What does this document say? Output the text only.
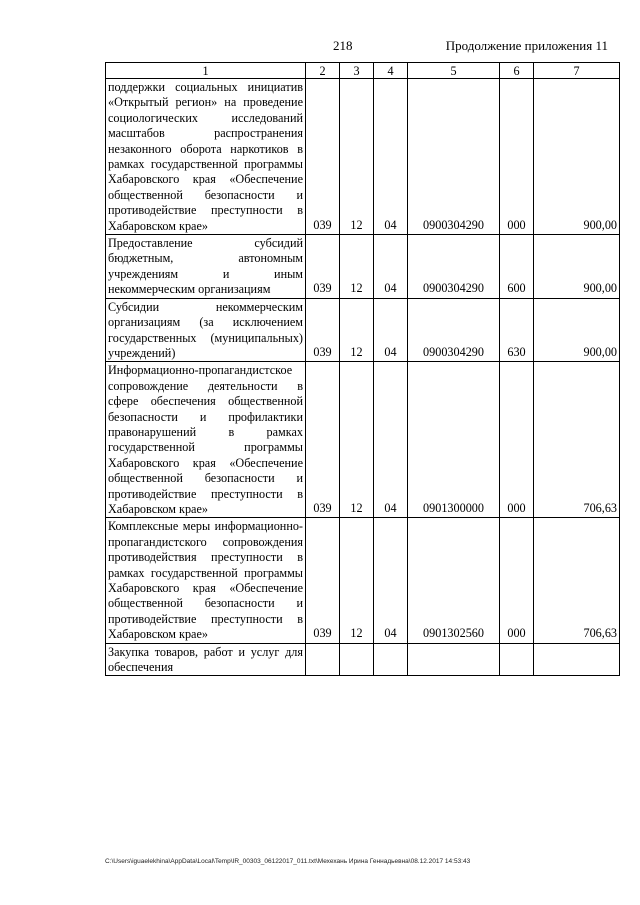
218	Продолжение приложения 11
1	2	3	4	5	6	7
поддержки социальных инициатив «Открытый регион» на проведение социологических исследований масштабов распространения незаконного оборота наркотиков в рамках государственной программы Хабаровского края «Обеспечение общественной безопасности и противодействие преступности в Хабаровском крае»	039	12	04	0900304290	000	900,00
Предоставление субсидий бюджетным, автономным учреждениям и иным некоммерческим организациям	039	12	04	0900304290	600	900,00
Субсидии некоммерческим организациям (за исключением государственных (муниципальных) учреждений)	039	12	04	0900304290	630	900,00
Информационно-пропагандистское сопровождение деятельности в сфере обеспечения общественной безопасности и профилактики правонарушений в рамках государственной программы Хабаровского края «Обеспечение общественной безопасности и противодействие преступности в Хабаровском крае»	039	12	04	0901300000	000	706,63
Комплексные меры информационно-пропагандистского сопровождения противодействия преступности в рамках государственной программы Хабаровского края «Обеспечение общественной безопасности и противодействие преступности в Хабаровском крае»	039	12	04	0901302560	000	706,63
Закупка товаров, работ и услуг для обеспечения						
C:\Users\iguaelekhina\AppData\Local\Temp\IR_00303_06122017_011.txt\Мехехань Ирина Геннадьевна\08.12.2017 14:53:43
